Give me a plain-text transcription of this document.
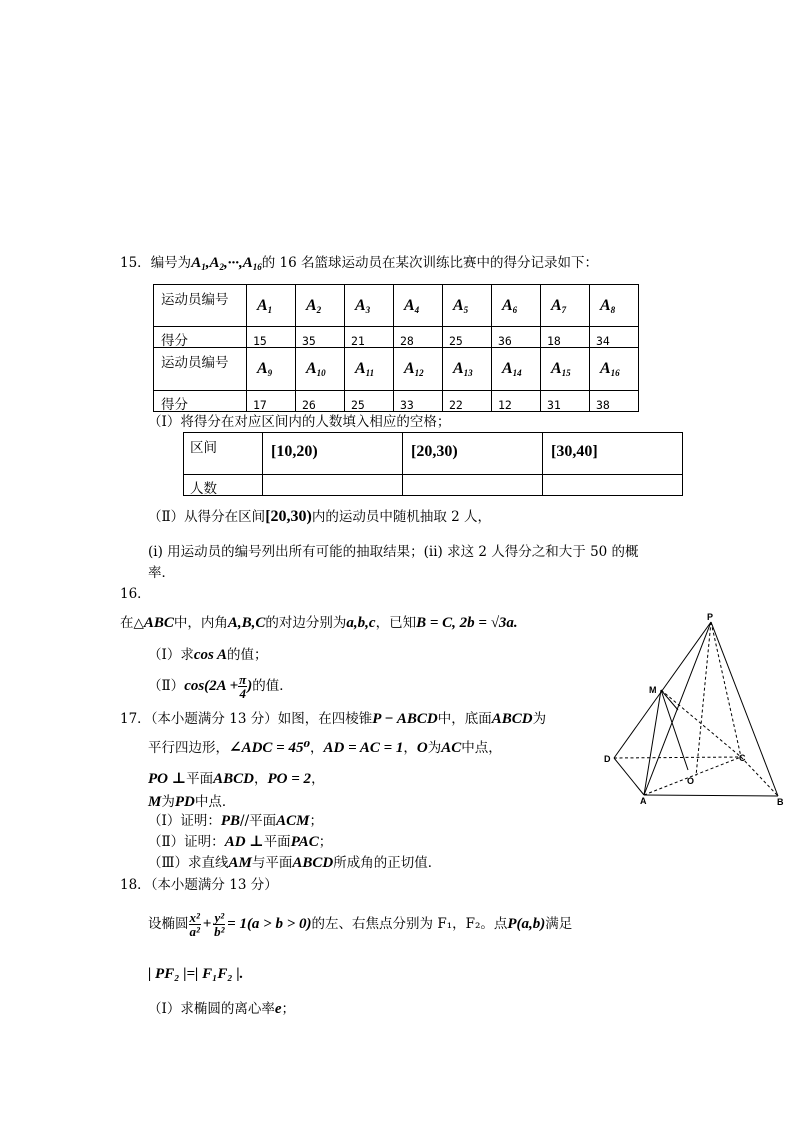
15．编号为$A_1,A_2,\cdot\cdot\cdot,A_{16}$的 16 名篮球运动员在某次训练比赛中的得分记录如下：
运动员编号	$A_1$	$A_2$	$A_3$	$A_4$	$A_5$	$A_6$	$A_7$	$A_8$

得分	15	35	21	28	25	36	18	34

运动员编号	$A_9$	$A_{10}$	$A_{11}$	$A_{12}$	$A_{13}$	$A_{14}$	$A_{15}$	$A_{16}$

得分	17	26	25	33	22	12	31	38
（Ⅰ）将得分在对应区间内的人数填入相应的空格；
区间	[10,20)	[20,30)	[30,40]

人数			

（Ⅱ）从得分在区间[20,30)内的运动员中随机抽取 2 人，
(i) 用运动员的编号列出所有可能的抽取结果；(ii) 求这 2 人得分之和大于 50 的概
率．
16．
在△ABC中，内角A,B,C的对边分别为a,b,c，已知B = C, 2b = √3a.
（Ⅰ）求cos A的值；
（Ⅱ） $\cos(2A + \frac{\pi}{4}$ ) 的值．
17．（本小题满分 13 分）如图，在四棱锥P − ABCD中，底面ABCD为
平行四边形，∠ADC = 45⁰，AD = AC = 1，O为AC中点，
PO ⊥平面ABCD，PO = 2，
M为PD中点．
（Ⅰ）证明：PB//平面ACM；
（Ⅱ）证明：AD ⊥平面PAC；
（Ⅲ）求直线AM与平面ABCD所成角的正切值．
P
M
D	C
O
A	B
18．（本小题满分 13 分）
设椭圆 $\frac{\text{x²}}{\text{a²}} + \frac{\text{y²}}{\text{b²}} = 1(a > b > 0)$ 的左、右焦点分别为 F₁，F₂。点 P(a,b) 满足
| PF₂ |=| F₁F₂ |.
（Ⅰ）求椭圆的离心率e；
